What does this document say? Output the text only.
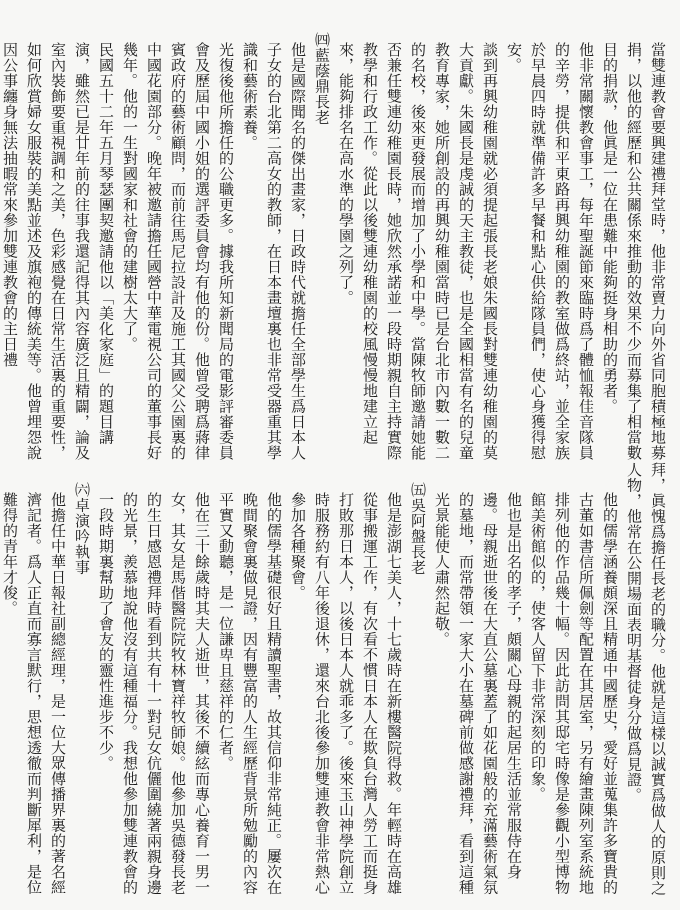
當雙連教會要興建禮拜堂時，他非常賣力向外省同胞積極地募捐，以他的經歷和公共關係來推動的效果不少而募集了相當數目的捐款，他眞是一位在患難中能夠挺身相助的勇者。

他非常關懷教會事工，每年聖誕節來臨時爲了體恤報佳音隊員的辛勞，提供和平東路再興幼稚園的教室做爲終站，並全家族於早晨四時就準備許多早餐和點心供給隊員們，使心身獲得慰安。

談到再興幼稚園就必須提起張長老娘朱國長對雙連幼稚園的莫大貢獻。朱國長是虔誠的天主教徒，也是全國相當有名的兒童教育專家，她所創設的再興幼稚園當時已是台北市內數一數二的名校，後來更發展而增加了小學和中學。當陳牧師邀請她能否兼任雙連幼稚園長時，她欣然承諾並一段時期親自主持實際教學和行政工作。從此以後雙連幼稚園的校風慢慢地建立起來，能夠排名在高水準的學園之列了。

㈣藍蔭鼎長老

他是國際聞名的傑出畫家，日政時代就擔任全部學生爲日本人子女的台北第二高女的教師，在日本畫壇裏也非常受器重其學識和藝術素養。

光復後他所擔任的公職更多。據我所知新聞局的電影評審委員會及歷屆中國小姐的選評委員會均有他的份。他曾受聘爲蔣律賓政府的藝術顧問，而前往馬尼拉設計及施工其國父公園裏的中國花園部分。晚年被邀請擔任國營中華電視公司的董事長好幾年。他的一生對國家和社會的建樹太大了。

民國五十二年五月琴瑟團契邀請他以「美化家庭」的題目講演，雖然已是廿年前的往事我還記得其內容廣泛且精闢，論及室內裝飾要重視調和之美，色彩感覺在日常生活裏的重要性，如何欣賞婦女服裝的美點並述及旗袍的傳統美等。他曾埋怨說因公事纏身無法抽暇常來參加雙連教會的主日禮

拜，眞愧爲擔任長老的職分。他就是這樣以誠實爲做人的原則之人物，他常在公開場面表明基督徒身分做爲見證。

他的儒學涵養頗深且精通中國歷史，愛好並蒐集許多寶貴的古董如書信所佩劍等配置在其居室，另有繪畫陳列室系統地排列他的作品幾十幅。因此訪問其邸宅時像是參觀小型博物館美術館似的，使客人留下非常深刻的印象。

他也是出名的孝子，頗關心母親的起居生活並常服侍在身邊。母親逝世後在大直公墓裏蓋了如花園般的充滿藝術氣氛的墓地，而常帶領一家大小在墓碑前做感謝禮拜，看到這種光景能使人肅然起敬。

㈤吳阿盤長老

他是澎湖七美人，十七歲時在新樓醫院得救。年輕時在高雄從事搬運工作，有次看不慣日本人在欺負台灣人勞工而挺身打敗那日本人，以後日本人就乖多了。後來玉山神學院創立時服務約有八年後退休，還來台北後參加雙連教會非常熱心參加各種聚會。

他的儒學基礎很好且精讀聖書，故其信仰非常純正。屢次在晚間聚會裏做見證，因有豐富的人生經歷背景所勉勵的內容平實又動聽，是一位謙卑且慈祥的仁者。

他在三十餘歲時其夫人逝世，其後不續絃而專心養育一男一女，其女是馬偕醫院院牧林寶祥牧師娘。他參加吳德發長老的生日感恩禮拜時看到共有十一對兒女伉儷圍繞著兩親身邊的光景，羨慕地說他沒有這種福分。我想他參加雙連教會的一段時期裏幫助了會友的靈性進步不少。

㈥卓演吟執事

他擔任中華日報社副總經理，是一位大眾傳播界裏的著名經濟記者。爲人正直而寡言默行，思想透徹而判斷犀利，是位難得的青年才俊。
